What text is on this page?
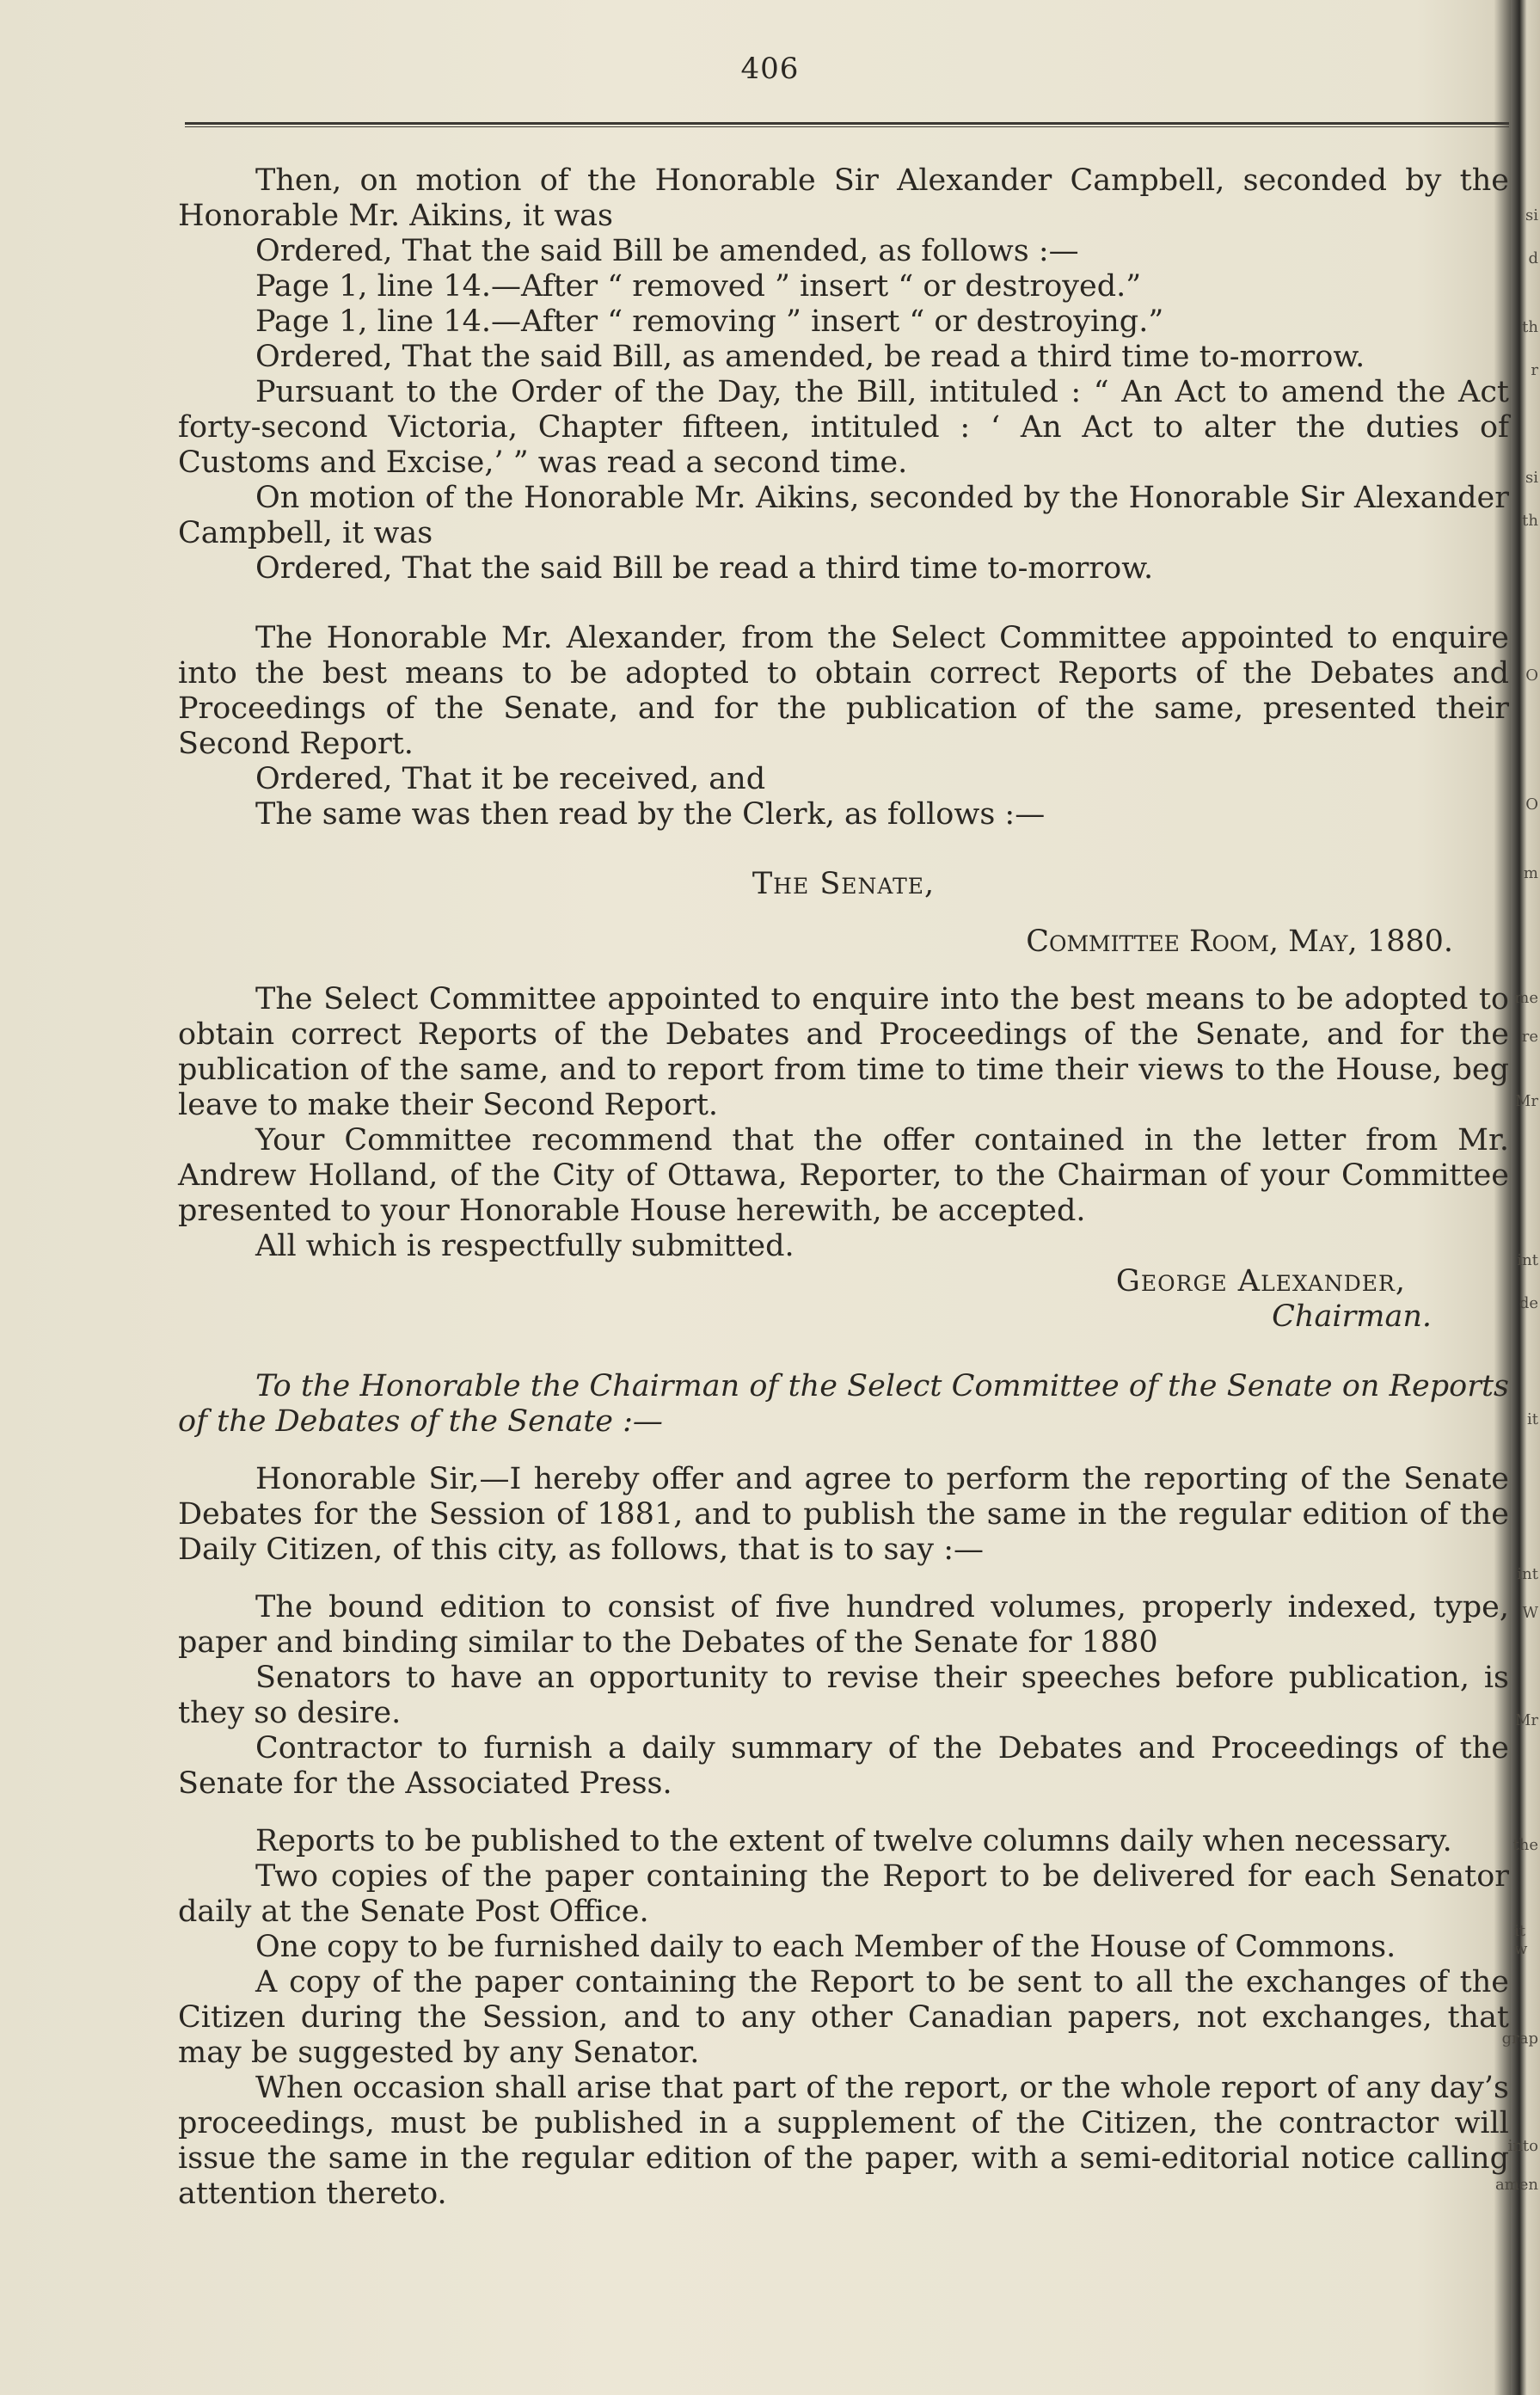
si
d
th
r
si
th
O
O
m
me
re
Mr
int
de
it
int
W
Mr
the
it w
grap
into
amen
406

Then, on motion of the Honorable Sir Alexander Campbell, seconded by the Honorable Mr. Aikins, it was

Ordered, That the said Bill be amended, as follows :—

Page 1, line 14.—After “ removed ” insert “ or destroyed.”

Page 1, line 14.—After “ removing ” insert “ or destroying.”

Ordered, That the said Bill, as amended, be read a third time to-morrow.

Pursuant to the Order of the Day, the Bill, intituled : “ An Act to amend the Act forty-second Victoria, Chapter fifteen, intituled : ‘ An Act to alter the duties of Customs and Excise,’ ” was read a second time.

On motion of the Honorable Mr. Aikins, seconded by the Honorable Sir Alexander Campbell, it was

Ordered, That the said Bill be read a third time to-morrow.

The Honorable Mr. Alexander, from the Select Committee appointed to enquire into the best means to be adopted to obtain correct Reports of the Debates and Proceedings of the Senate, and for the publication of the same, presented their Second Report.

Ordered, That it be received, and

The same was then read by the Clerk, as follows :—

The Senate,

Committee Room, May, 1880.

The Select Committee appointed to enquire into the best means to be adopted to obtain correct Reports of the Debates and Proceedings of the Senate, and for the publication of the same, and to report from time to time their views to the House, beg leave to make their Second Report.

Your Committee recommend that the offer contained in the letter from Mr. Andrew Holland, of the City of Ottawa, Reporter, to the Chairman of your Committee presented to your Honorable House herewith, be accepted.

All which is respectfully submitted.

George Alexander,

Chairman.

To the Honorable the Chairman of the Select Committee of the Senate on Reports of the Debates of the Senate :—

Honorable Sir,—I hereby offer and agree to perform the reporting of the Senate Debates for the Session of 1881, and to publish the same in the regular edition of the Daily Citizen, of this city, as follows, that is to say :—

The bound edition to consist of five hundred volumes, properly indexed, type, paper and binding similar to the Debates of the Senate for 1880

Senators to have an opportunity to revise their speeches before publication, is they so desire.

Contractor to furnish a daily summary of the Debates and Proceedings of the Senate for the Associated Press.

Reports to be published to the extent of twelve columns daily when necessary.

Two copies of the paper containing the Report to be delivered for each Senator daily at the Senate Post Office.

One copy to be furnished daily to each Member of the House of Commons.

A copy of the paper containing the Report to be sent to all the exchanges of the Citizen during the Session, and to any other Canadian papers, not exchanges, that may be suggested by any Senator.

When occasion shall arise that part of the report, or the whole report of any day’s proceedings, must be published in a supplement of the Citizen, the contractor will issue the same in the regular edition of the paper, with a semi-editorial notice calling attention thereto.
